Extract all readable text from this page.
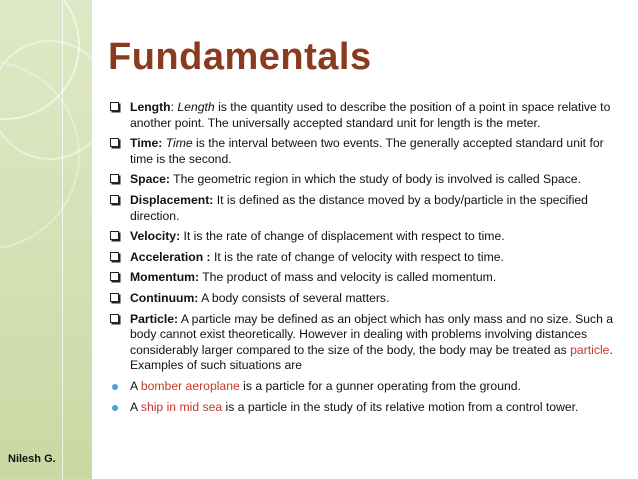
Nilesh G.
Fundamentals
Length: Length is the quantity used to describe the position of a point in space relative to another point. The universally accepted standard unit for length is the meter.
Time: Time is the interval between two events. The generally accepted standard unit for time is the second.
Space: The geometric region in which the study of body is involved is called Space.
Displacement: It is defined as the distance moved by a body/particle in the specified direction.
Velocity: It is the rate of change of displacement with respect to time.
Acceleration : It is the rate of change of velocity with respect to time.
Momentum: The product of mass and velocity is called momentum.
Continuum: A body consists of several matters.
Particle: A particle may be defined as an object which has only mass and no size. Such a body cannot exist theoretically. However in dealing with problems involving distances considerably larger compared to the size of the body, the body may be treated as particle. Examples of such situations are
A bomber aeroplane is a particle for a gunner operating from the ground.
A ship in mid sea is a particle in the study of its relative motion from a control tower.
